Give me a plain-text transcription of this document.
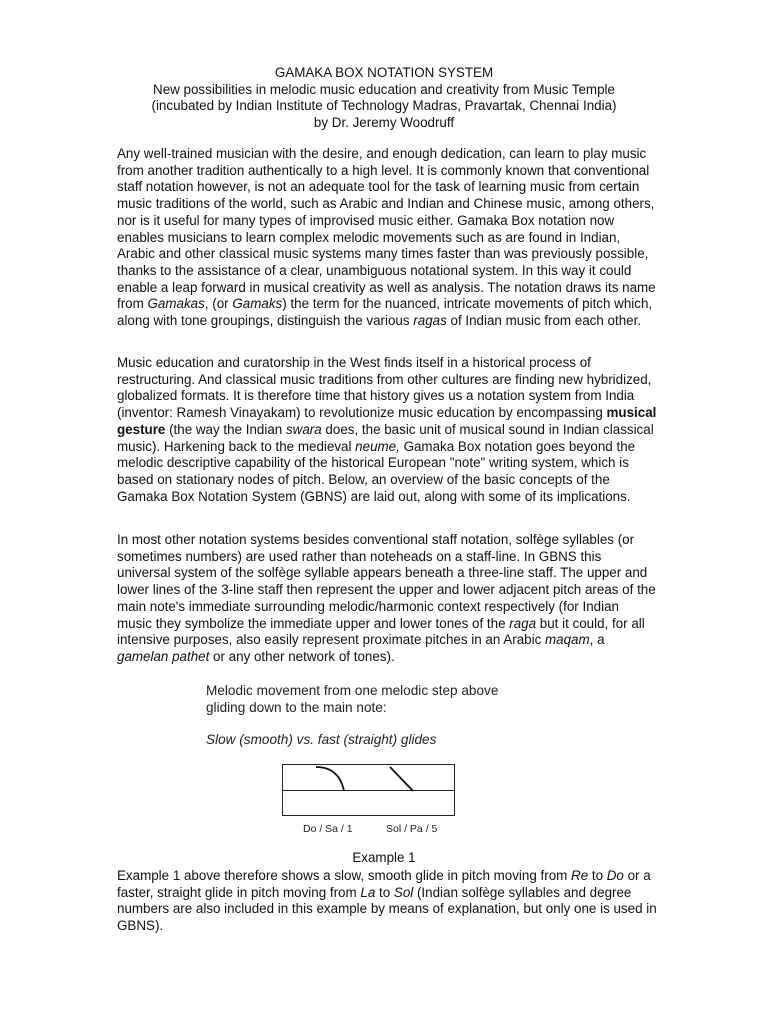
GAMAKA BOX NOTATION SYSTEM
New possibilities in melodic music education and creativity from Music Temple
(incubated by Indian Institute of Technology Madras, Pravartak, Chennai India)
by Dr. Jeremy Woodruff

Any well-trained musician with the desire, and enough dedication, can learn to play music from another tradition authentically to a high level. It is commonly known that conventional staff notation however, is not an adequate tool for the task of learning music from certain music traditions of the world, such as Arabic and Indian and Chinese music, among others, nor is it useful for many types of improvised music either. Gamaka Box notation now enables musicians to learn complex melodic movements such as are found in Indian, Arabic and other classical music systems many times faster than was previously possible, thanks to the assistance of a clear, unambiguous notational system. In this way it could enable a leap forward in musical creativity as well as analysis. The notation draws its name from Gamakas, (or Gamaks) the term for the nuanced, intricate movements of pitch which, along with tone groupings, distinguish the various ragas of Indian music from each other.

Music education and curatorship in the West finds itself in a historical process of restructuring. And classical music traditions from other cultures are finding new hybridized, globalized formats. It is therefore time that history gives us a notation system from India (inventor: Ramesh Vinayakam) to revolutionize music education by encompassing musical gesture (the way the Indian swara does, the basic unit of musical sound in Indian classical music). Harkening back to the medieval neume, Gamaka Box notation goes beyond the melodic descriptive capability of the historical European "note" writing system, which is based on stationary nodes of pitch. Below, an overview of the basic concepts of the Gamaka Box Notation System (GBNS) are laid out, along with some of its implications.

In most other notation systems besides conventional staff notation, solfège syllables (or sometimes numbers) are used rather than noteheads on a staff-line. In GBNS this universal system of the solfège syllable appears beneath a three-line staff. The upper and lower lines of the 3-line staff then represent the upper and lower adjacent pitch areas of the main note's immediate surrounding melodic/harmonic context respectively (for Indian music they symbolize the immediate upper and lower tones of the raga but it could, for all intensive purposes, also easily represent proximate pitches in an Arabic maqam, a gamelan pathet or any other network of tones).

Melodic movement from one melodic step above
gliding down to the main note:
Slow (smooth) vs. fast (straight) glides
Do / Sa / 1	Sol / Pa / 5
Example 1

Example 1 above therefore shows a slow, smooth glide in pitch moving from Re to Do or a faster, straight glide in pitch moving from La to Sol (Indian solfège syllables and degree numbers are also included in this example by means of explanation, but only one is used in GBNS).
